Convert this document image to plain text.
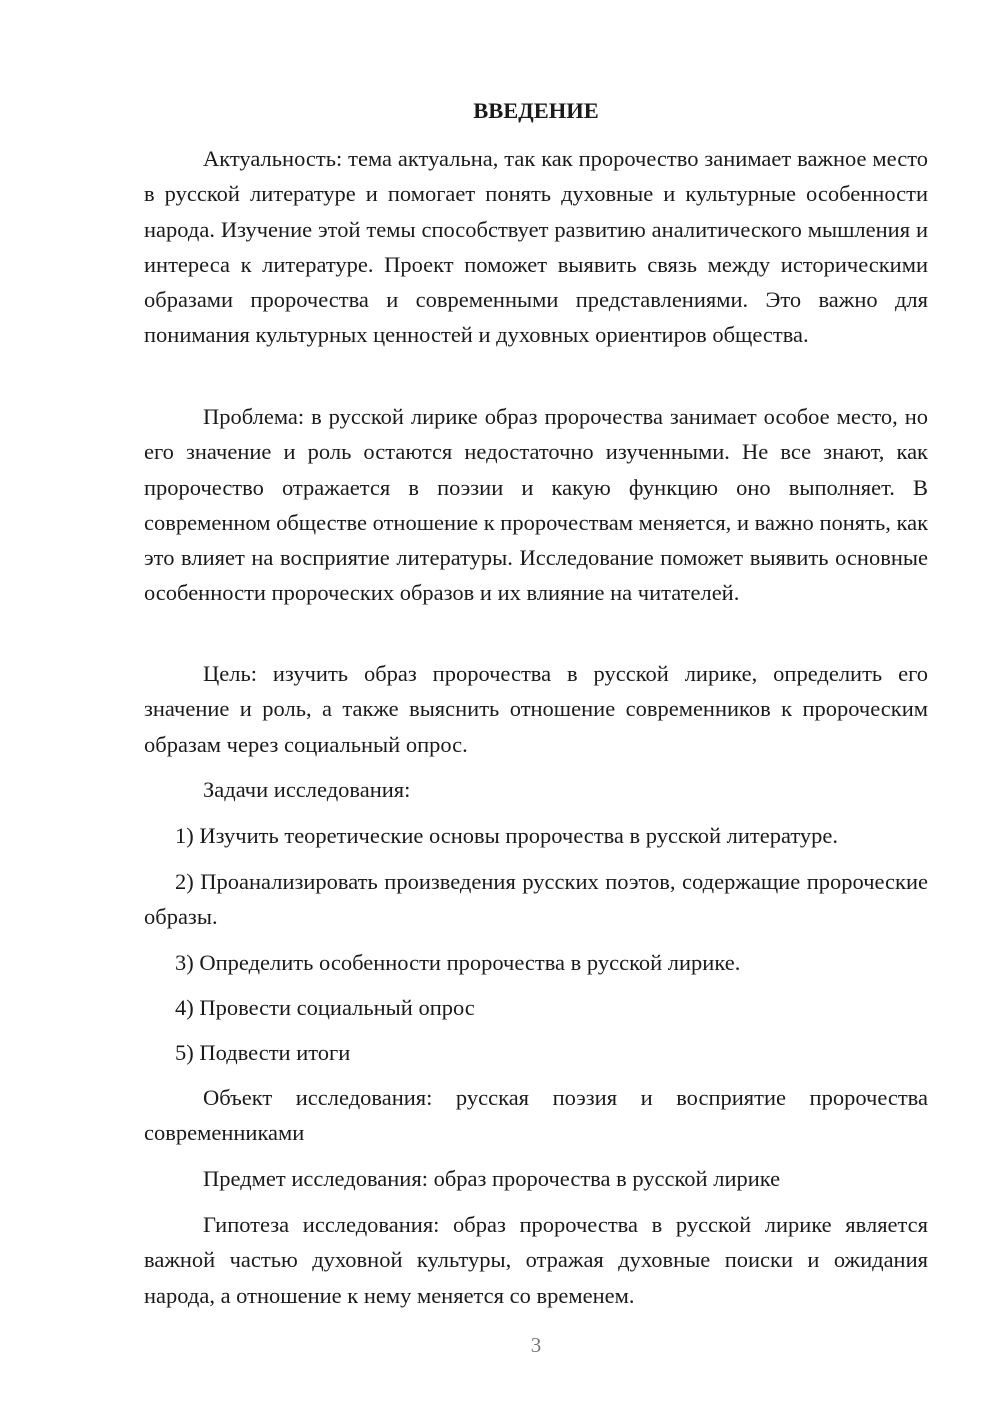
ВВЕДЕНИЕ

Актуальность: тема актуальна, так как пророчество занимает важное место в русской литературе и помогает понять духовные и культурные особенности народа. Изучение этой темы способствует развитию аналитического мышления и интереса к литературе. Проект поможет выявить связь между историческими образами пророчества и современными представлениями. Это важно для понимания культурных ценностей и духовных ориентиров общества.

Проблема: в русской лирике образ пророчества занимает особое место, но его значение и роль остаются недостаточно изученными. Не все знают, как пророчество отражается в поэзии и какую функцию оно выполняет. В современном обществе отношение к пророчествам меняется, и важно понять, как это влияет на восприятие литературы. Исследование поможет выявить основные особенности пророческих образов и их влияние на читателей.

Цель: изучить образ пророчества в русской лирике, определить его значение и роль, а также выяснить отношение современников к пророческим образам через социальный опрос.

Задачи исследования:

1) Изучить теоретические основы пророчества в русской литературе.

2) Проанализировать произведения русских поэтов, содержащие пророческие образы.

3) Определить особенности пророчества в русской лирике.

4) Провести социальный опрос

5) Подвести итоги

Объект исследования: русская поэзия и восприятие пророчества современниками

Предмет исследования: образ пророчества в русской лирике

Гипотеза исследования: образ пророчества в русской лирике является важной частью духовной культуры, отражая духовные поиски и ожидания народа, а отношение к нему меняется со временем.

3
